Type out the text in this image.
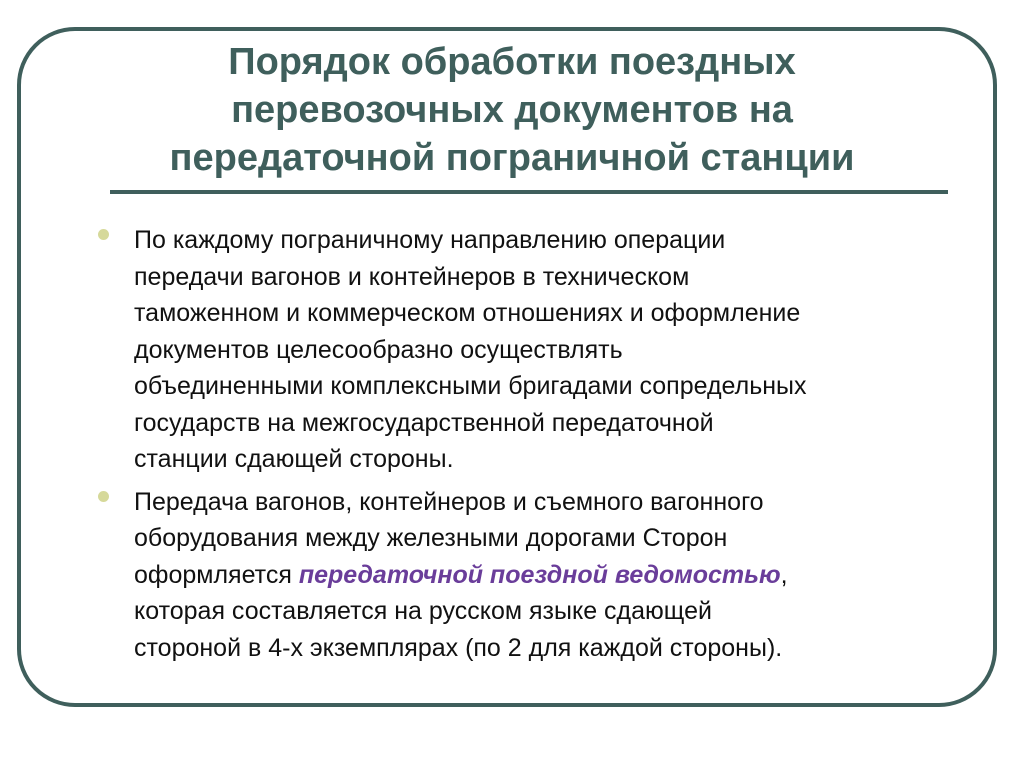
Порядок обработки поездных
перевозочных документов на
передаточной пограничной станции
По каждому пограничному направлению операции
передачи вагонов и контейнеров в техническом
таможенном и коммерческом отношениях и оформление
документов целесообразно осуществлять
объединенными комплексными бригадами сопредельных
государств на межгосударственной передаточной
станции сдающей стороны.
Передача вагонов, контейнеров и съемного вагонного
оборудования между железными дорогами Сторон
оформляется передаточной поездной ведомостью,
которая составляется на русском языке сдающей
стороной в 4-х экземплярах (по 2 для каждой стороны).
